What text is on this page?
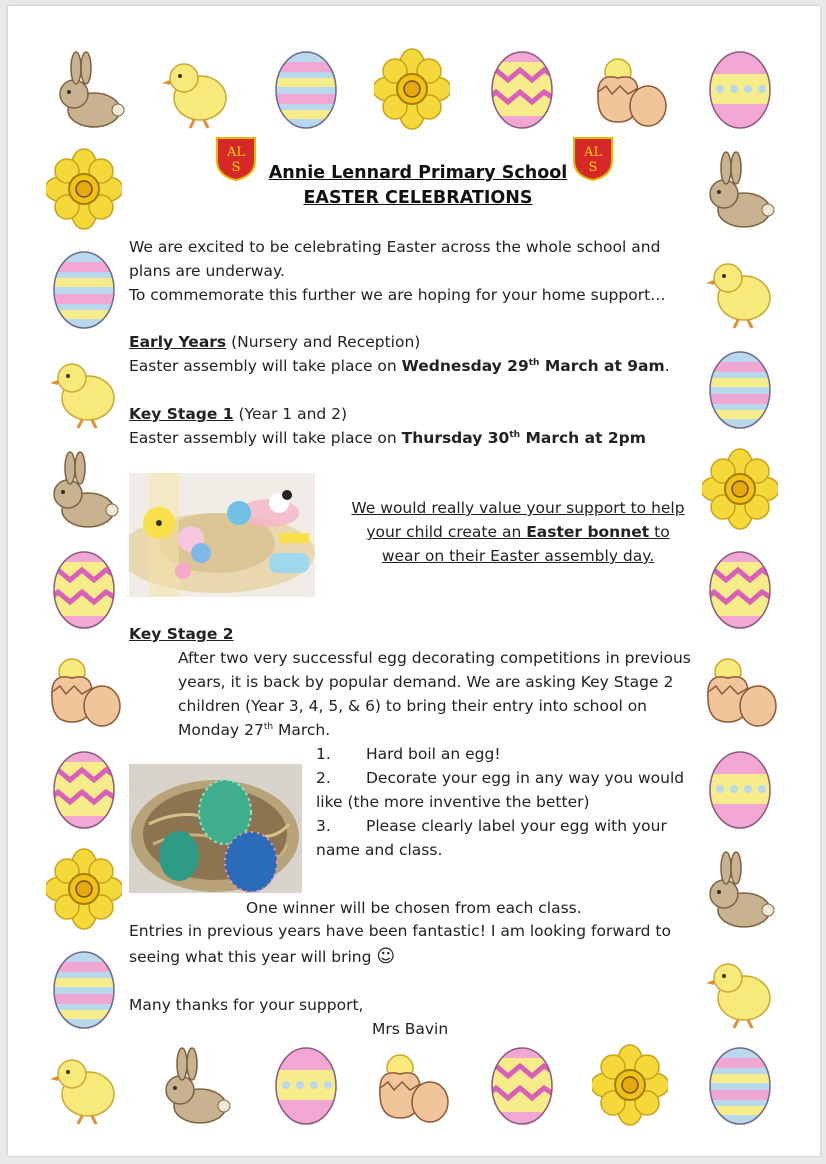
AL
S
AL
S
Annie Lennard Primary School
EASTER CELEBRATIONS
We are excited to be celebrating Easter across the whole school and
plans are underway.
To commemorate this further we are hoping for your home support…
Early Years (Nursery and Reception)
Easter assembly will take place on Wednesday 29th March at 9am.
Key Stage 1 (Year 1 and 2)
Easter assembly will take place on Thursday 30th March at 2pm
We would really value your support to help
your child create an Easter bonnet to
wear on their Easter assembly day.
Key Stage 2
After two very successful egg decorating competitions in previous
years, it is back by popular demand. We are asking Key Stage 2
children (Year 3, 4, 5, & 6) to bring their entry into school on
Monday 27th March.
1. Hard boil an egg!
2. Decorate your egg in any way you would
like (the more inventive the better)
3. Please clearly label your egg with your
name and class.
One winner will be chosen from each class.
Entries in previous years have been fantastic! I am looking forward to
seeing what this year will bring ☺
Many thanks for your support,
Mrs Bavin
